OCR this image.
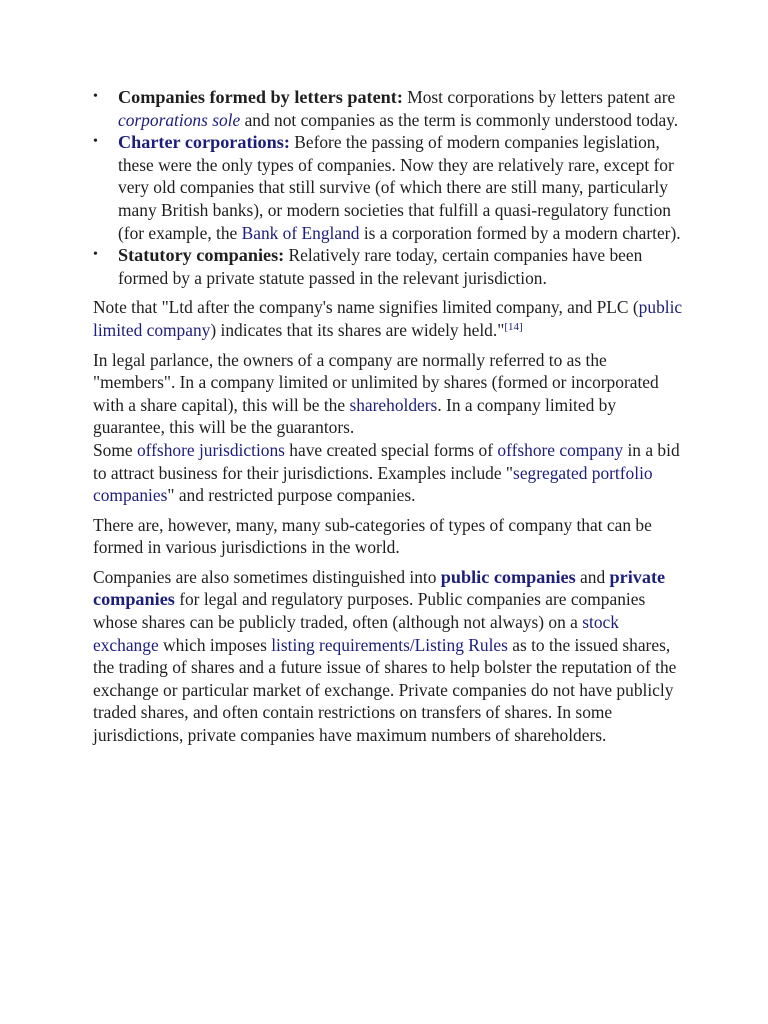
• Companies formed by letters patent: Most corporations by letters patent are corporations sole and not companies as the term is commonly understood today.
• Charter corporations: Before the passing of modern companies legislation, these were the only types of companies. Now they are relatively rare, except for very old companies that still survive (of which there are still many, particularly many British banks), or modern societies that fulfill a quasi-regulatory function (for example, the Bank of England is a corporation formed by a modern charter).
• Statutory companies: Relatively rare today, certain companies have been formed by a private statute passed in the relevant jurisdiction.

Note that "Ltd after the company's name signifies limited company, and PLC (public limited company) indicates that its shares are widely held."[14]

In legal parlance, the owners of a company are normally referred to as the "members". In a company limited or unlimited by shares (formed or incorporated with a share capital), this will be the shareholders. In a company limited by guarantee, this will be the guarantors.
Some offshore jurisdictions have created special forms of offshore company in a bid to attract business for their jurisdictions. Examples include "segregated portfolio companies" and restricted purpose companies.

There are, however, many, many sub-categories of types of company that can be formed in various jurisdictions in the world.

Companies are also sometimes distinguished into public companies and private companies for legal and regulatory purposes. Public companies are companies whose shares can be publicly traded, often (although not always) on a stock exchange which imposes listing requirements/Listing Rules as to the issued shares, the trading of shares and a future issue of shares to help bolster the reputation of the exchange or particular market of exchange. Private companies do not have publicly traded shares, and often contain restrictions on transfers of shares. In some jurisdictions, private companies have maximum numbers of shareholders.
